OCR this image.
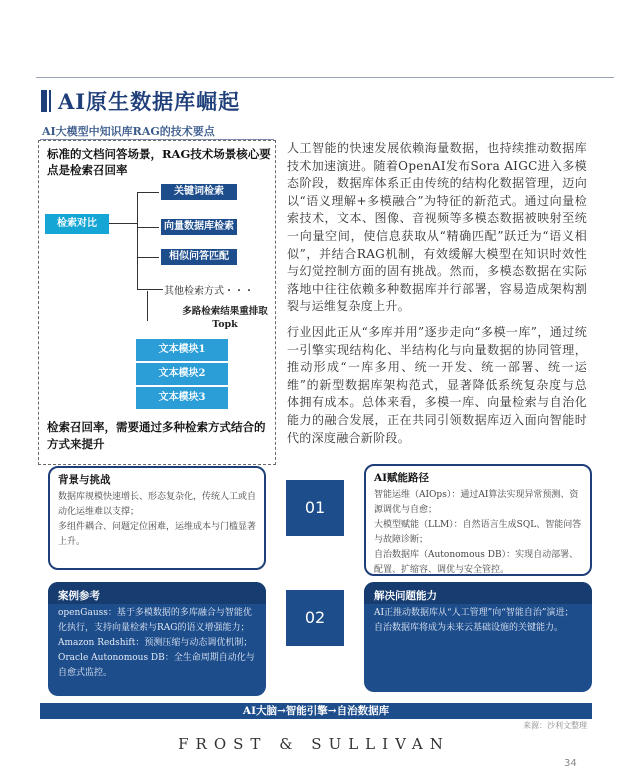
AI原生数据库崛起
AI大模型中知识库RAG的技术要点
标准的文档问答场景，RAG技术场景核心要点是检索召回率
检索对比
关键词检索
向量数据库检索
相似问答匹配
其他检索方式・・・
多路检索结果重排取Topk
文本模块1
文本模块2
文本模块3
检索召回率，需要通过多种检索方式结合的方式来提升
人工智能的快速发展依赖海量数据，也持续推动数据库技术加速演进。随着OpenAI发布Sora AIGC进入多模态阶段，数据库体系正由传统的结构化数据管理，迈向以“语义理解+多模融合”为特征的新范式。通过向量检索技术，文本、图像、音视频等多模态数据被映射至统一向量空间，使信息获取从“精确匹配”跃迁为“语义相似”，并结合RAG机制，有效缓解大模型在知识时效性与幻觉控制方面的固有挑战。然而，多模态数据在实际落地中往往依赖多种数据库并行部署，容易造成架构割裂与运维复杂度上升。
行业因此正从“多库并用”逐步走向“多模一库”，通过统一引擎实现结构化、半结构化与向量数据的协同管理，推动形成“一库多用、统一开发、统一部署、统一运维”的新型数据库架构范式，显著降低系统复杂度与总体拥有成本。总体来看，多模一库、向量检索与自治化能力的融合发展，正在共同引领数据库迈入面向智能时代的深度融合新阶段。
背景与挑战
数据库规模快速增长、形态复杂化，传统人工或自动化运维难以支撑；
多组件耦合、问题定位困难，运维成本与门槛显著上升。
01
AI赋能路径
智能运维（AIOps）：通过AI算法实现异常预测、资源调优与自愈；
大模型赋能（LLM）：自然语言生成SQL、智能问答与故障诊断；
自治数据库（Autonomous DB）：实现自动部署、配置、扩缩容、调优与安全管控。
案例参考
openGauss：基于多模数据的多库融合与智能优化执行，支持向量检索与RAG的语义增强能力；
Amazon Redshift：预测压缩与动态调优机制；
Oracle Autonomous DB：全生命周期自动化与自愈式监控。
02
解决问题能力
AI正推动数据库从“人工管理”向“智能自治”演进；
自治数据库将成为未来云基础设施的关键能力。
AI大脑→智能引擎→自治数据库
来源：沙利文整理
FROST & SULLIVAN
34
